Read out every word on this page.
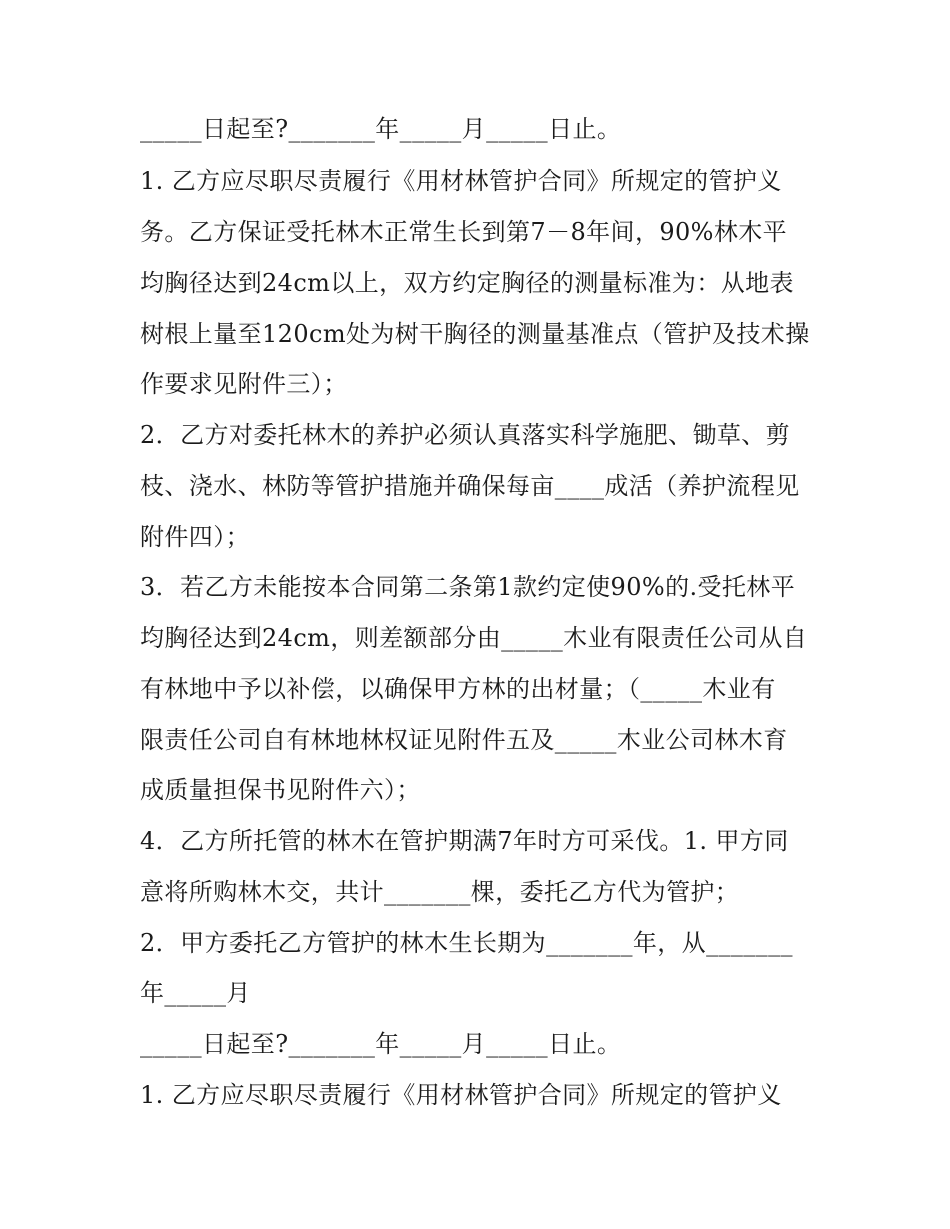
_____日起至?_______年_____月_____日止。

1. 乙方应尽职尽责履行《用材林管护合同》所规定的管护义

务。乙方保证受托林木正常生长到第7－8年间，90%林木平

均胸径达到24cm以上，双方约定胸径的测量标准为：从地表

树根上量至120cm处为树干胸径的测量基准点（管护及技术操

作要求见附件三）；

2．乙方对委托林木的养护必须认真落实科学施肥、锄草、剪

枝、浇水、林防等管护措施并确保每亩____成活（养护流程见

附件四）；

3．若乙方未能按本合同第二条第1款约定使90%的.受托林平

均胸径达到24cm，则差额部分由_____木业有限责任公司从自

有林地中予以补偿，以确保甲方林的出材量；（_____木业有

限责任公司自有林地林权证见附件五及_____木业公司林木育

成质量担保书见附件六）；

4．乙方所托管的林木在管护期满7年时方可采伐。1. 甲方同

意将所购林木交，共计_______棵，委托乙方代为管护；

2．甲方委托乙方管护的林木生长期为_______年，从_______

年_____月

_____日起至?_______年_____月_____日止。

1. 乙方应尽职尽责履行《用材林管护合同》所规定的管护义
